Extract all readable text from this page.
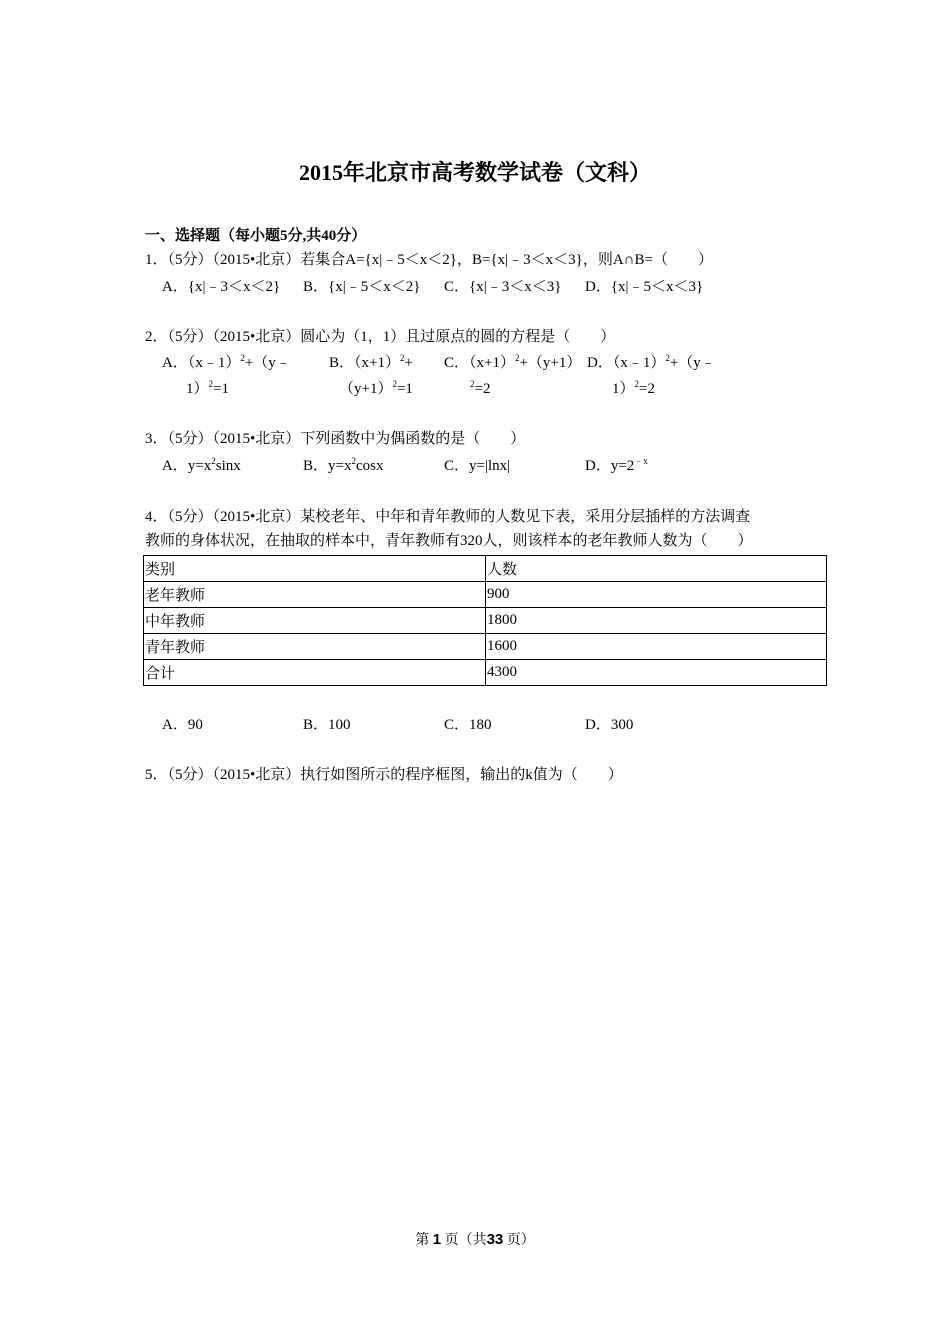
2015年北京市高考数学试卷（文科）
一、选择题（每小题5分,共40分）
1．（5分）（2015•北京）若集合A={x|﹣5＜x＜2}，B={x|﹣3＜x＜3}，则A∩B=（　　）
A．{x|﹣3＜x＜2} B．{x|﹣5＜x＜2} C．{x|﹣3＜x＜3} D．{x|﹣5＜x＜3}
2．（5分）（2015•北京）圆心为（1，1）且过原点的圆的方程是（　　）
A．（x﹣1）$^2$+（y﹣
1）$^2$=1
B．$(x+1)^2+$
$(y+1)^2=1$
C．$(x+1)^2+(y+1)$
$^2$=2
D．（x﹣1）$^2$+（y﹣
1）$^2$=2
3．（5分）（2015•北京）下列函数中为偶函数的是（　　）
A．$y=x^2\sin x$	B．$y=x^2\cos x$	C．y=|lnx|	D．$y=2^{﹣x}$
4．（5分）（2015•北京）某校老年、中年和青年教师的人数见下表，采用分层插样的方法调查
教师的身体状况，在抽取的样本中，青年教师有320人，则该样本的老年教师人数为（　　）
类别	人数
老年教师	900
中年教师	1800
青年教师	1600
合计	4300
A．90	B．100	C．180	D．300
5．（5分）（2015•北京）执行如图所示的程序框图，输出的k值为（　　）
第 1 页（共33 页）
